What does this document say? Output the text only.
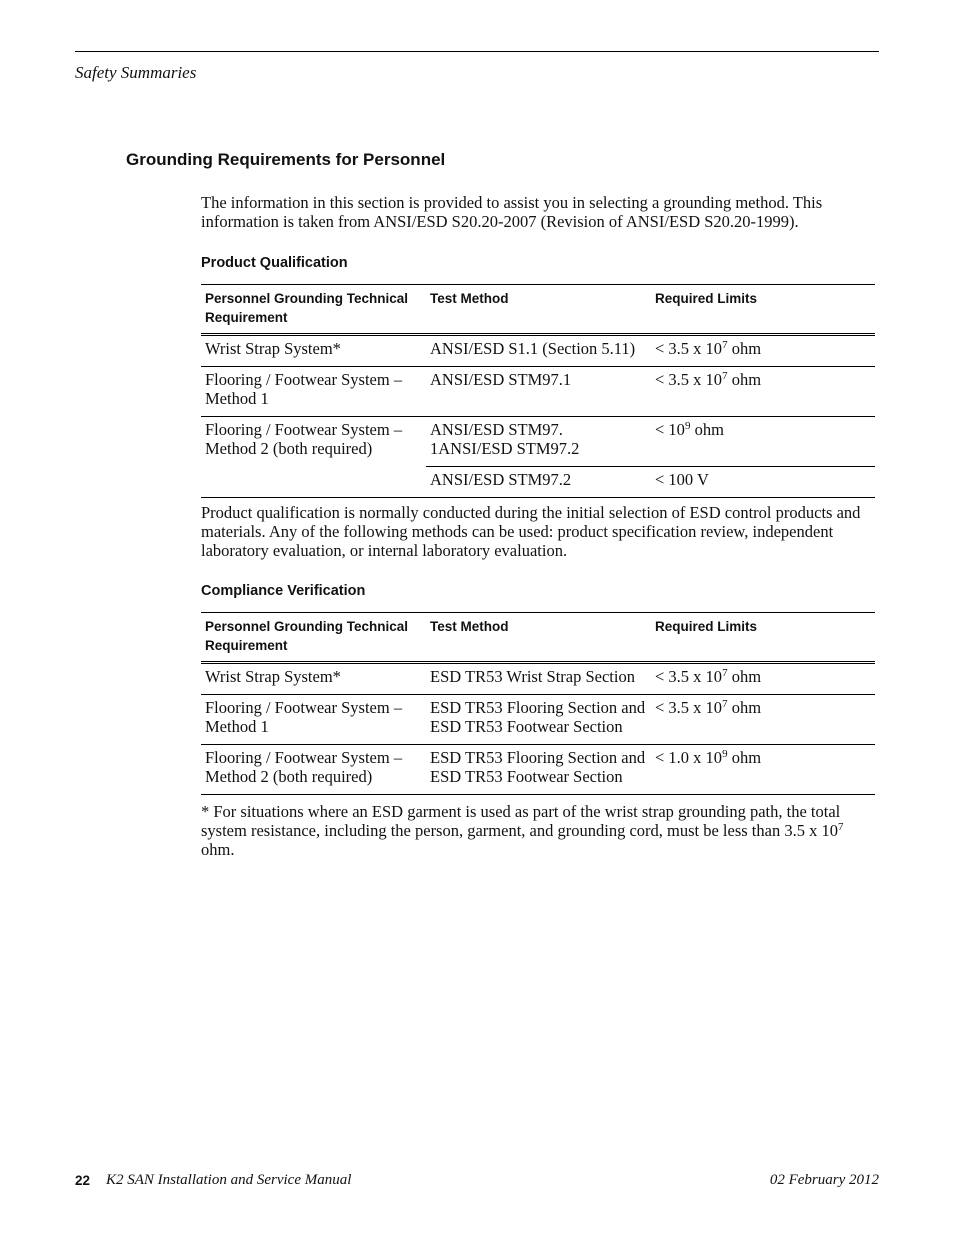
Safety Summaries
Grounding Requirements for Personnel
The information in this section is provided to assist you in selecting a grounding method. This information is taken from ANSI/ESD S20.20-2007 (Revision of ANSI/ESD S20.20-1999).
Product Qualification
Personnel Grounding Technical Requirement	Test Method	Required Limits
Wrist Strap System*	ANSI/ESD S1.1 (Section 5.11)	< 3.5 x $10^7$ ohm
Flooring / Footwear System – Method 1	ANSI/ESD STM97.1	< 3.5 x $10^7$ ohm
Flooring / Footwear System – Method 2 (both required)	ANSI/ESD STM97. 1ANSI/ESD STM97.2	< $10^9$ ohm
	ANSI/ESD STM97.2	< 100 V
Product qualification is normally conducted during the initial selection of ESD control products and materials. Any of the following methods can be used: product specification review, independent laboratory evaluation, or internal laboratory evaluation.
Compliance Verification
Personnel Grounding Technical Requirement	Test Method	Required Limits
Wrist Strap System*	ESD TR53 Wrist Strap Section	< 3.5 x $10^7$ ohm
Flooring / Footwear System – Method 1	ESD TR53 Flooring Section and ESD TR53 Footwear Section	< 3.5 x $10^7$ ohm
Flooring / Footwear System – Method 2 (both required)	ESD TR53 Flooring Section and ESD TR53 Footwear Section	< 1.0 x $10^9$ ohm
* For situations where an ESD garment is used as part of the wrist strap grounding path, the total system resistance, including the person, garment, and grounding cord, must be less than 3.5 x $10^7$ ohm.
22 K2 SAN Installation and Service Manual	02 February 2012
